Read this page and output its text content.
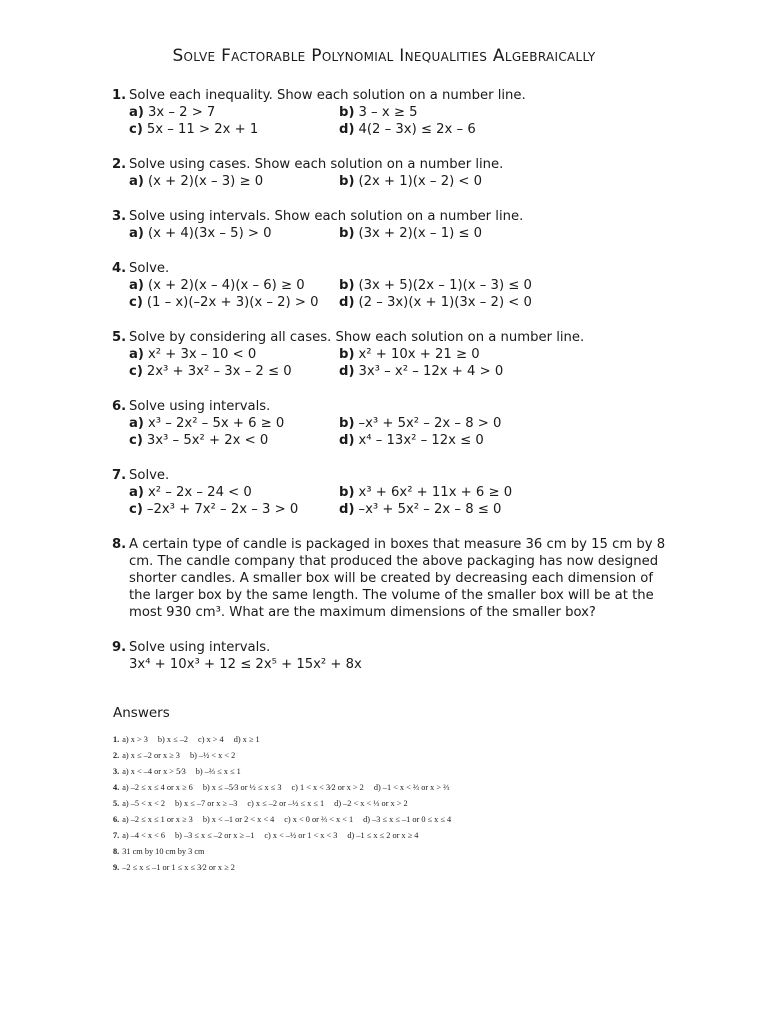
Solve Factorable Polynomial Inequalities Algebraically
1. Solve each inequality. Show each solution on a number line.
a) 3x – 2 > 7	b) 3 – x ≥ 5
c) 5x – 11 > 2x + 1	d) 4(2 – 3x) ≤ 2x – 6
2. Solve using cases. Show each solution on a number line.
a) (x + 2)(x – 3) ≥ 0	b) (2x + 1)(x – 2) < 0
3. Solve using intervals. Show each solution on a number line.
a) (x + 4)(3x – 5) > 0	b) (3x + 2)(x – 1) ≤ 0
4. Solve.
a) (x + 2)(x – 4)(x – 6) ≥ 0	b) (3x + 5)(2x – 1)(x – 3) ≤ 0
c) (1 – x)(–2x + 3)(x – 2) > 0	d) (2 – 3x)(x + 1)(3x – 2) < 0
5. Solve by considering all cases. Show each solution on a number line.
a) x² + 3x – 10 < 0	b) x² + 10x + 21 ≥ 0
c) 2x³ + 3x² – 3x – 2 ≤ 0	d) 3x³ – x² – 12x + 4 > 0
6. Solve using intervals.
a) x³ – 2x² – 5x + 6 ≥ 0	b) –x³ + 5x² – 2x – 8 > 0
c) 3x³ – 5x² + 2x < 0	d) x⁴ – 13x² – 12x ≤ 0
7. Solve.
a) x² – 2x – 24 < 0	b) x³ + 6x² + 11x + 6 ≥ 0
c) –2x³ + 7x² – 2x – 3 > 0	d) –x³ + 5x² – 2x – 8 ≤ 0
8. A certain type of candle is packaged in boxes that measure 36 cm by 15 cm by 8 cm. The candle company that produced the above packaging has now designed shorter candles. A smaller box will be created by decreasing each dimension of the larger box by the same length. The volume of the smaller box will be at the most 930 cm³. What are the maximum dimensions of the smaller box?
9. Solve using intervals.
3x⁴ + 10x³ + 12 ≤ 2x⁵ + 15x² + 8x
Answers
1. a) x > 3 b) x ≤ –2 c) x > 4 d) x ≥ 1
2. a) x ≤ –2 or x ≥ 3 b) –½ < x < 2
3. a) x < –4 or x > 5⁄3 b) –⅔ ≤ x ≤ 1
4. a) –2 ≤ x ≤ 4 or x ≥ 6 b) x ≤ –5⁄3 or ½ ≤ x ≤ 3 c) 1 < x < 3⁄2 or x > 2 d) –1 < x < ⅔ or x > ⅔
5. a) –5 < x < 2 b) x ≤ –7 or x ≥ –3 c) x ≤ –2 or –½ ≤ x ≤ 1 d) –2 < x < ⅓ or x > 2
6. a) –2 ≤ x ≤ 1 or x ≥ 3 b) x < –1 or 2 < x < 4 c) x < 0 or ⅔ < x < 1 d) –3 ≤ x ≤ –1 or 0 ≤ x ≤ 4
7. a) –4 < x < 6 b) –3 ≤ x ≤ –2 or x ≥ –1 c) x < –½ or 1 < x < 3 d) –1 ≤ x ≤ 2 or x ≥ 4
8. 31 cm by 10 cm by 3 cm
9. –2 ≤ x ≤ –1 or 1 ≤ x ≤ 3⁄2 or x ≥ 2
